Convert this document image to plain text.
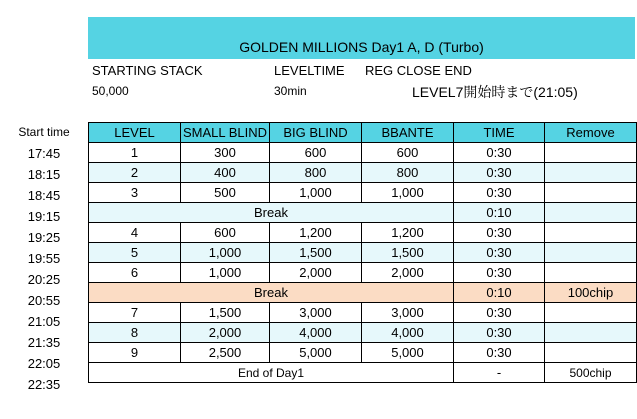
GOLDEN MILLIONS Day1 A, D (Turbo)
STARTING STACK
50,000
LEVELTIME
30min
REG CLOSE END
LEVEL7開始時まで(21:05)
Start time
17:45
18:15
18:45
19:15
19:25
19:55
20:25
20:55
21:05
21:35
22:05
22:35
LEVEL	SMALL BLIND	BIG BLIND	BBANTE	TIME	Remove
1	300	600	600	0:30	
2	400	800	800	0:30	
3	500	1,000	1,000	0:30	
Break				0:10	
4	600	1,200	1,200	0:30	
5	1,000	1,500	1,500	0:30	
6	1,000	2,000	2,000	0:30	
Break				0:10	100chip
7	1,500	3,000	3,000	0:30	
8	2,000	4,000	4,000	0:30	
9	2,500	5,000	5,000	0:30	
End of Day1				-	500chip
